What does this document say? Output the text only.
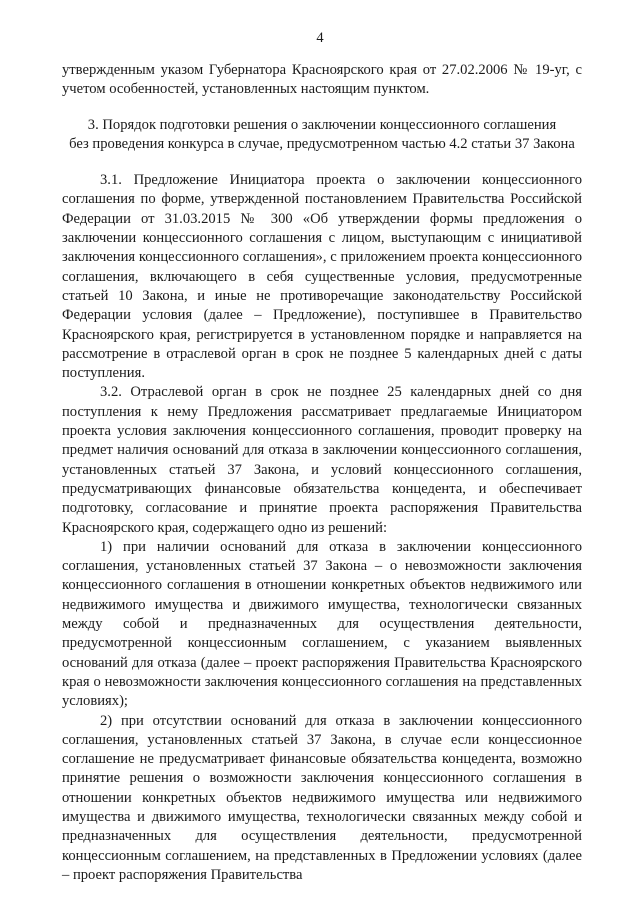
4

утвержденным указом Губернатора Красноярского края от 27.02.2006 № 19-уг, с учетом особенностей, установленных настоящим пунктом.

3. Порядок подготовки решения о заключении концессионного соглашения
без проведения конкурса в случае, предусмотренном частью 4.2 статьи 37 Закона

3.1. Предложение Инициатора проекта о заключении концессионного соглашения по форме, утвержденной постановлением Правительства Российской Федерации от 31.03.2015 № 300 «Об утверждении формы предложения о заключении концессионного соглашения с лицом, выступающим с инициативой заключения концессионного соглашения», с приложением проекта концессионного соглашения, включающего в себя существенные условия, предусмотренные статьей 10 Закона, и иные не противоречащие законодательству Российской Федерации условия (далее – Предложение), поступившее в Правительство Красноярского края, регистрируется в установленном порядке и направляется на рассмотрение в отраслевой орган в срок не позднее 5 календарных дней с даты поступления.

3.2. Отраслевой орган в срок не позднее 25 календарных дней со дня поступления к нему Предложения рассматривает предлагаемые Инициатором проекта условия заключения концессионного соглашения, проводит проверку на предмет наличия оснований для отказа в заключении концессионного соглашения, установленных статьей 37 Закона, и условий концессионного соглашения, предусматривающих финансовые обязательства концедента, и обеспечивает подготовку, согласование и принятие проекта распоряжения Правительства Красноярского края, содержащего одно из решений:

1) при наличии оснований для отказа в заключении концессионного соглашения, установленных статьей 37 Закона – о невозможности заключения концессионного соглашения в отношении конкретных объектов недвижимого или недвижимого имущества и движимого имущества, технологически связанных между собой и предназначенных для осуществления деятельности, предусмотренной концессионным соглашением, с указанием выявленных оснований для отказа (далее – проект распоряжения Правительства Красноярского края о невозможности заключения концессионного соглашения на представленных условиях);

2) при отсутствии оснований для отказа в заключении концессионного соглашения, установленных статьей 37 Закона, в случае если концессионное соглашение не предусматривает финансовые обязательства концедента, возможно принятие решения о возможности заключения концессионного соглашения в отношении конкретных объектов недвижимого имущества или недвижимого имущества и движимого имущества, технологически связанных между собой и предназначенных для осуществления деятельности, предусмотренной концессионным соглашением, на представленных в Предложении условиях (далее – проект распоряжения Правительства
